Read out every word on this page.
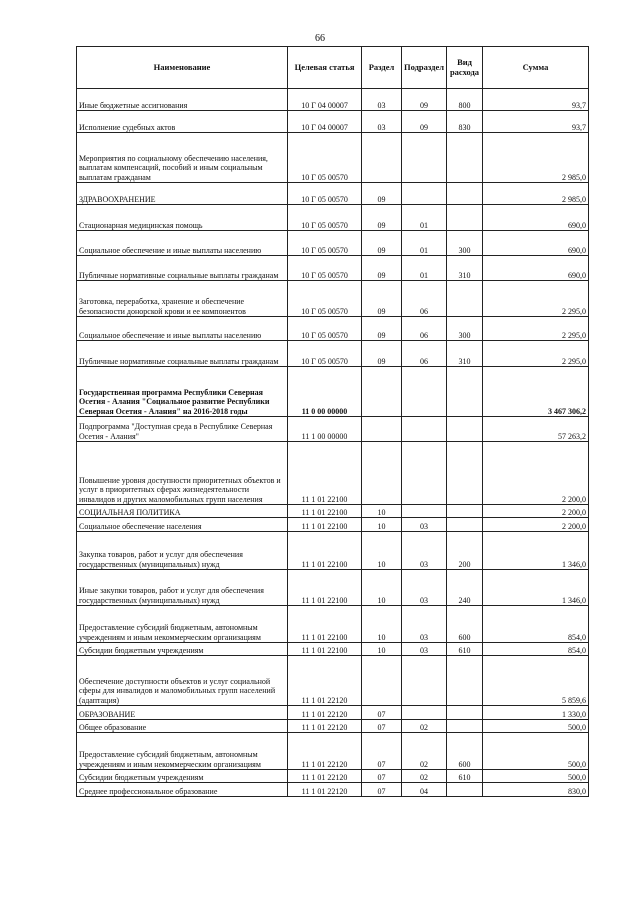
66
Наименование	Целевая статья	Раздел	Подраздел	Вид расхода	Сумма

Иные бюджетные ассигнования	10 Г 04 00007	03	09	800	93,7

Исполнение судебных актов	10 Г 04 00007	03	09	830	93,7

Мероприятия по социальному обеспечению населения, выплатам компенсаций, пособий и иным социальным выплатам гражданам	10 Г 05 00570				2 985,0

ЗДРАВООХРАНЕНИЕ	10 Г 05 00570	09			2 985,0

Стационарная медицинская помощь	10 Г 05 00570	09	01		690,0

Социальное обеспечение и иные выплаты населению	10 Г 05 00570	09	01	300	690,0

Публичные нормативные социальные выплаты гражданам	10 Г 05 00570	09	01	310	690,0

Заготовка, переработка, хранение и обеспечение безопасности донорской крови и ее компонентов	10 Г 05 00570	09	06		2 295,0

Социальное обеспечение и иные выплаты населению	10 Г 05 00570	09	06	300	2 295,0

Публичные нормативные социальные выплаты гражданам	10 Г 05 00570	09	06	310	2 295,0

Государственная программа Республики Северная Осетия - Алания "Социальное развитие Республики Северная Осетия - Алания" на 2016-2018 годы	11 0 00 00000				3 467 306,2

Подпрограмма "Доступная среда в Республике Северная Осетия - Алания"	11 1 00 00000				57 263,2

Повышение уровня доступности приоритетных объектов и услуг в приоритетных сферах жизнедеятельности инвалидов и других маломобильных групп населения	11 1 01 22100				2 200,0

СОЦИАЛЬНАЯ ПОЛИТИКА	11 1 01 22100	10			2 200,0

Социальное обеспечение населения	11 1 01 22100	10	03		2 200,0

Закупка товаров, работ и услуг для обеспечения государственных (муниципальных) нужд	11 1 01 22100	10	03	200	1 346,0

Иные закупки товаров, работ и услуг для обеспечения государственных (муниципальных) нужд	11 1 01 22100	10	03	240	1 346,0

Предоставление субсидий бюджетным, автономным учреждениям и иным некоммерческим организациям	11 1 01 22100	10	03	600	854,0

Субсидии бюджетным учреждениям	11 1 01 22100	10	03	610	854,0

Обеспечение доступности объектов и услуг социальной сферы для инвалидов и маломобильных групп населений (адаптация)	11 1 01 22120				5 859,6

ОБРАЗОВАНИЕ	11 1 01 22120	07			1 330,0

Общее образование	11 1 01 22120	07	02		500,0

Предоставление субсидий бюджетным, автономным учреждениям и иным некоммерческим организациям	11 1 01 22120	07	02	600	500,0

Субсидии бюджетным учреждениям	11 1 01 22120	07	02	610	500,0

Среднее профессиональное образование	11 1 01 22120	07	04		830,0
